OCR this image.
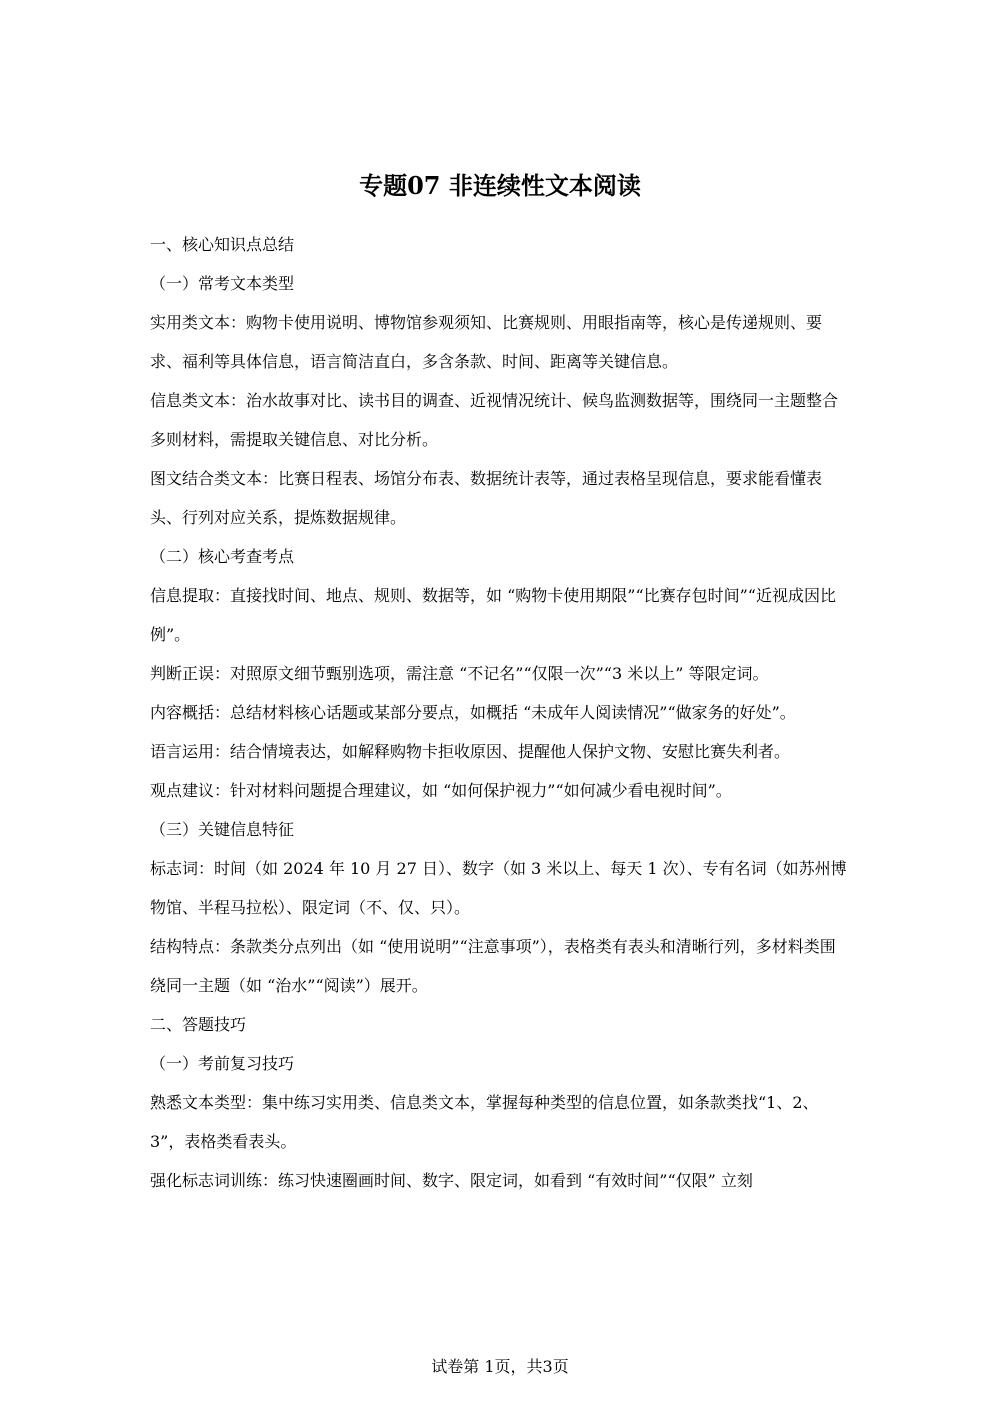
专题07 非连续性文本阅读

一、核心知识点总结

（一）常考文本类型

实用类文本：购物卡使用说明、博物馆参观须知、比赛规则、用眼指南等，核心是传递规则、要求、福利等具体信息，语言简洁直白，多含条款、时间、距离等关键信息。

信息类文本：治水故事对比、读书目的调查、近视情况统计、候鸟监测数据等，围绕同一主题整合多则材料，需提取关键信息、对比分析。

图文结合类文本：比赛日程表、场馆分布表、数据统计表等，通过表格呈现信息，要求能看懂表头、行列对应关系，提炼数据规律。

（二）核心考查考点

信息提取：直接找时间、地点、规则、数据等，如 “购物卡使用期限”“比赛存包时间”“近视成因比例”。

判断正误：对照原文细节甄别选项，需注意 “不记名”“仅限一次”“3 米以上” 等限定词。

内容概括：总结材料核心话题或某部分要点，如概括 “未成年人阅读情况”“做家务的好处”。

语言运用：结合情境表达，如解释购物卡拒收原因、提醒他人保护文物、安慰比赛失利者。

观点建议：针对材料问题提合理建议，如 “如何保护视力”“如何减少看电视时间”。

（三）关键信息特征

标志词：时间（如 2024 年 10 月 27 日）、数字（如 3 米以上、每天 1 次）、专有名词（如苏州博物馆、半程马拉松）、限定词（不、仅、只）。

结构特点：条款类分点列出（如 “使用说明”“注意事项”），表格类有表头和清晰行列，多材料类围绕同一主题（如 “治水”“阅读”）展开。

二、答题技巧

（一）考前复习技巧

熟悉文本类型：集中练习实用类、信息类文本，掌握每种类型的信息位置，如条款类找“1、2、3”，表格类看表头。

强化标志词训练：练习快速圈画时间、数字、限定词，如看到 “有效时间”“仅限” 立刻

试卷第 1页，共3页
